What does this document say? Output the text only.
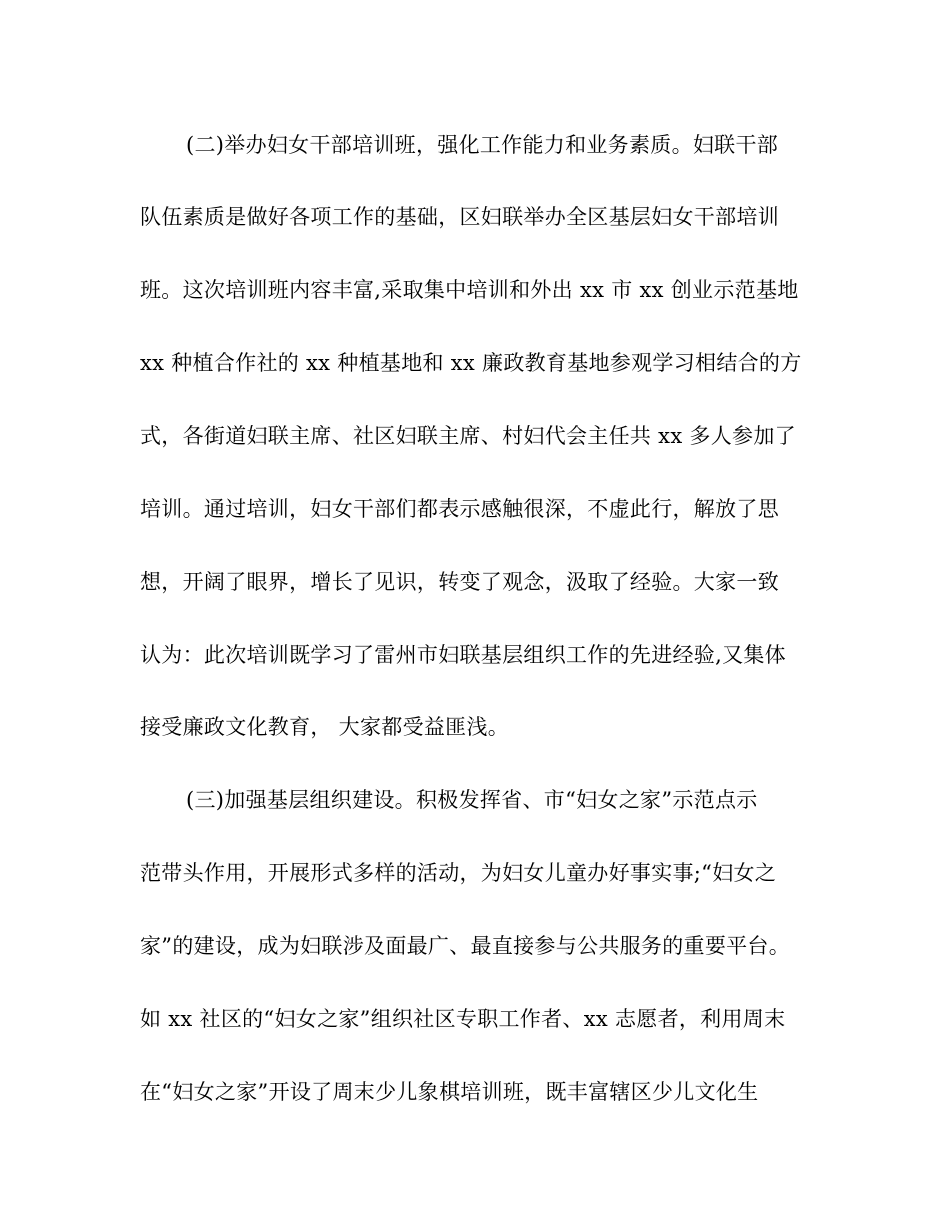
(二)举办妇女干部培训班，强化工作能力和业务素质。妇联干部
队伍素质是做好各项工作的基础，区妇联举办全区基层妇女干部培训
班。这次培训班内容丰富,采取集中培训和外出 xx 市 xx 创业示范基地
xx 种植合作社的 xx 种植基地和 xx 廉政教育基地参观学习相结合的方
式，各街道妇联主席、社区妇联主席、村妇代会主任共 xx 多人参加了
培训。通过培训，妇女干部们都表示感触很深，不虚此行，解放了思
想，开阔了眼界，增长了见识，转变了观念，汲取了经验。大家一致
认为：此次培训既学习了雷州市妇联基层组织工作的先进经验,又集体
接受廉政文化教育， 大家都受益匪浅。
(三)加强基层组织建设。积极发挥省、市“妇女之家”示范点示
范带头作用，开展形式多样的活动，为妇女儿童办好事实事;“妇女之
家”的建设，成为妇联涉及面最广、最直接参与公共服务的重要平台。
如 xx 社区的“妇女之家”组织社区专职工作者、xx 志愿者，利用周末
在“妇女之家”开设了周末少儿象棋培训班，既丰富辖区少儿文化生
